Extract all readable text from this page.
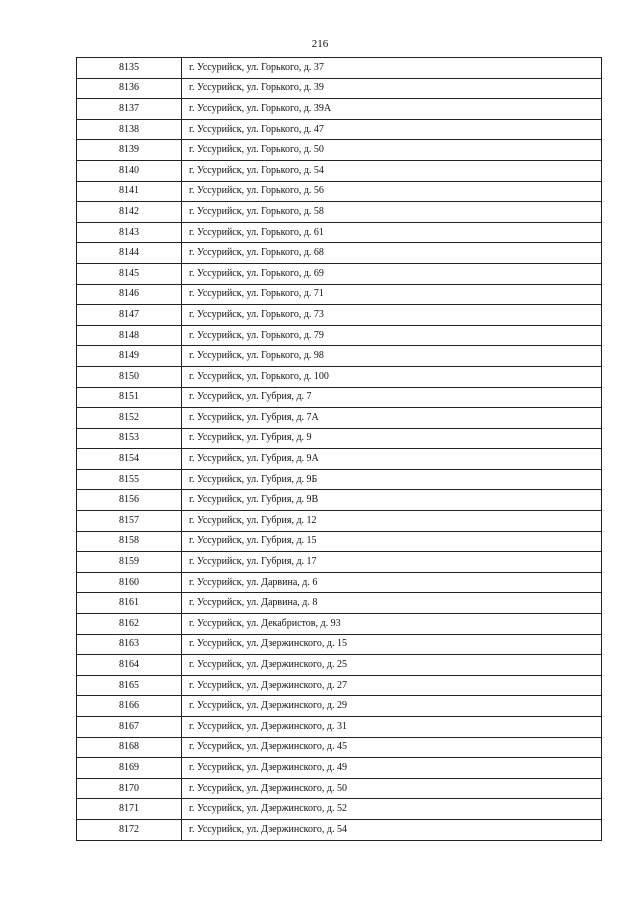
216
8135	г. Уссурийск, ул. Горького, д. 37
8136	г. Уссурийск, ул. Горького, д. 39
8137	г. Уссурийск, ул. Горького, д. 39А
8138	г. Уссурийск, ул. Горького, д. 47
8139	г. Уссурийск, ул. Горького, д. 50
8140	г. Уссурийск, ул. Горького, д. 54
8141	г. Уссурийск, ул. Горького, д. 56
8142	г. Уссурийск, ул. Горького, д. 58
8143	г. Уссурийск, ул. Горького, д. 61
8144	г. Уссурийск, ул. Горького, д. 68
8145	г. Уссурийск, ул. Горького, д. 69
8146	г. Уссурийск, ул. Горького, д. 71
8147	г. Уссурийск, ул. Горького, д. 73
8148	г. Уссурийск, ул. Горького, д. 79
8149	г. Уссурийск, ул. Горького, д. 98
8150	г. Уссурийск, ул. Горького, д. 100
8151	г. Уссурийск, ул. Губрия, д. 7
8152	г. Уссурийск, ул. Губрия, д. 7А
8153	г. Уссурийск, ул. Губрия, д. 9
8154	г. Уссурийск, ул. Губрия, д. 9А
8155	г. Уссурийск, ул. Губрия, д. 9Б
8156	г. Уссурийск, ул. Губрия, д. 9В
8157	г. Уссурийск, ул. Губрия, д. 12
8158	г. Уссурийск, ул. Губрия, д. 15
8159	г. Уссурийск, ул. Губрия, д. 17
8160	г. Уссурийск, ул. Дарвина, д. 6
8161	г. Уссурийск, ул. Дарвина, д. 8
8162	г. Уссурийск, ул. Декабристов, д. 93
8163	г. Уссурийск, ул. Дзержинского, д. 15
8164	г. Уссурийск, ул. Дзержинского, д. 25
8165	г. Уссурийск, ул. Дзержинского, д. 27
8166	г. Уссурийск, ул. Дзержинского, д. 29
8167	г. Уссурийск, ул. Дзержинского, д. 31
8168	г. Уссурийск, ул. Дзержинского, д. 45
8169	г. Уссурийск, ул. Дзержинского, д. 49
8170	г. Уссурийск, ул. Дзержинского, д. 50
8171	г. Уссурийск, ул. Дзержинского, д. 52
8172	г. Уссурийск, ул. Дзержинского, д. 54
